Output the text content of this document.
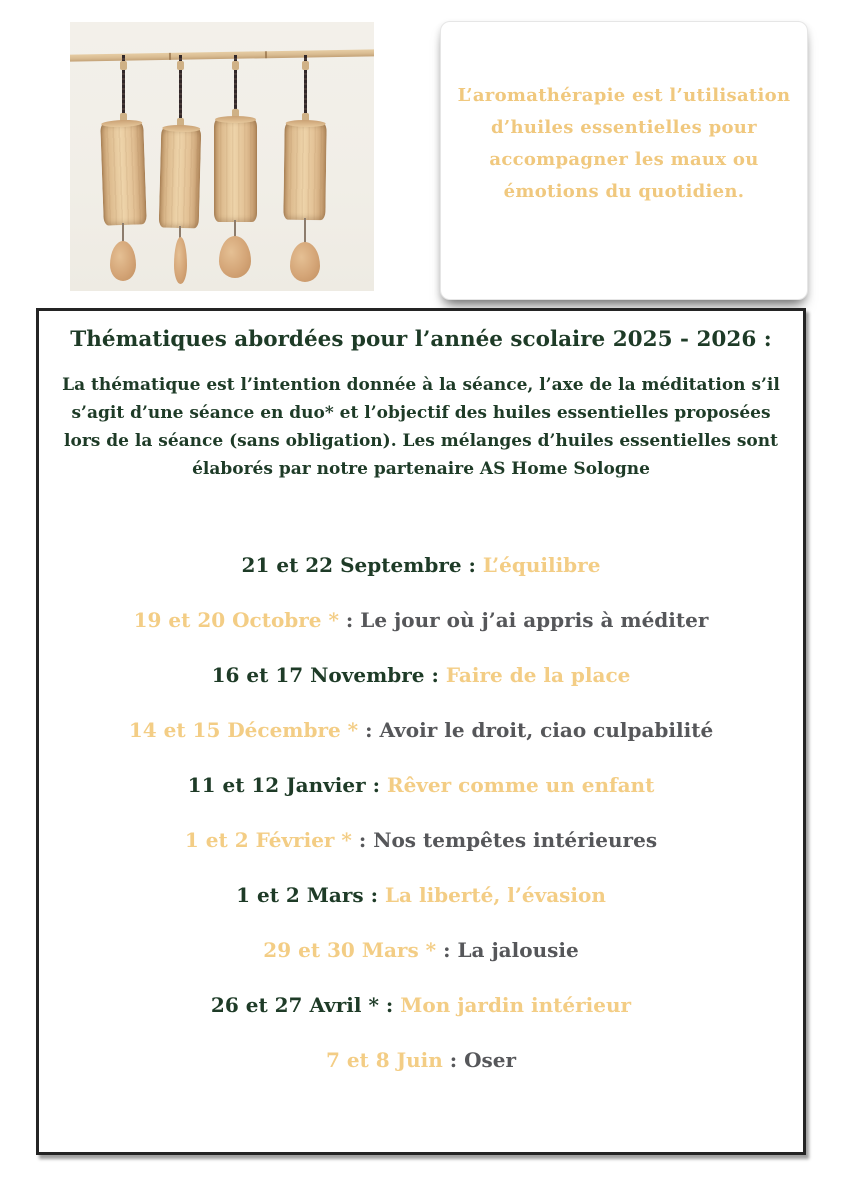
L’aromathérapie est l’utilisation
d’huiles essentielles pour
accompagner les maux ou
émotions du quotidien.
Thématiques abordées pour l’année scolaire 2025 - 2026 :
La thématique est l’intention donnée à la séance, l’axe de la méditation s’il
s’agit d’une séance en duo* et l’objectif des huiles essentielles proposées
lors de la séance (sans obligation). Les mélanges d’huiles essentielles sont
élaborés par notre partenaire AS Home Sologne
21 et 22 Septembre : L’équilibre
19 et 20 Octobre * : Le jour où j’ai appris à méditer
16 et 17 Novembre : Faire de la place
14 et 15 Décembre * : Avoir le droit, ciao culpabilité
11 et 12 Janvier : Rêver comme un enfant
1 et 2 Février * : Nos tempêtes intérieures
1 et 2 Mars : La liberté, l’évasion
29 et 30 Mars * : La jalousie
26 et 27 Avril * : Mon jardin intérieur
7 et 8 Juin : Oser
